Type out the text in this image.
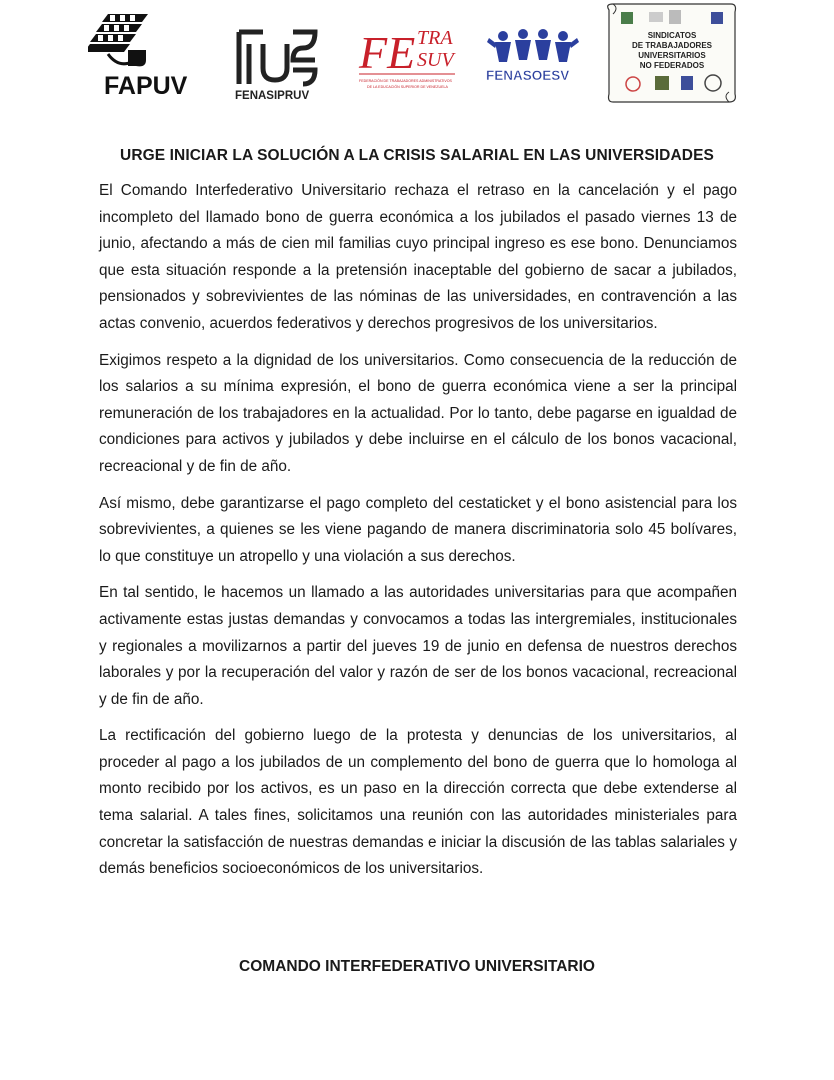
FAPUV	FENASIPRUV
FE TRA
SUV
FEDERACIÓN DE TRABAJADORES ADMINISTRATIVOS
DE LA EDUCACIÓN SUPERIOR DE VENEZUELA
FENASOESV
SINDICATOS
DE TRABAJADORES
UNIVERSITARIOS
NO FEDERADOS
URGE INICIAR LA SOLUCIÓN A LA CRISIS SALARIAL EN LAS UNIVERSIDADES

El Comando Interfederativo Universitario rechaza el retraso en la cancelación y el pago incompleto del llamado bono de guerra económica a los jubilados el pasado viernes 13 de junio, afectando a más de cien mil familias cuyo principal ingreso es ese bono. Denunciamos que esta situación responde a la pretensión inaceptable del gobierno de sacar a jubilados, pensionados y sobrevivientes de las nóminas de las universidades, en contravención a las actas convenio, acuerdos federativos y derechos progresivos de los universitarios.

Exigimos respeto a la dignidad de los universitarios. Como consecuencia de la reducción de los salarios a su mínima expresión, el bono de guerra económica viene a ser la principal remuneración de los trabajadores en la actualidad. Por lo tanto, debe pagarse en igualdad de condiciones para activos y jubilados y debe incluirse en el cálculo de los bonos vacacional, recreacional y de fin de año.

Así mismo, debe garantizarse el pago completo del cestaticket y el bono asistencial para los sobrevivientes, a quienes se les viene pagando de manera discriminatoria solo 45 bolívares, lo que constituye un atropello y una violación a sus derechos.

En tal sentido, le hacemos un llamado a las autoridades universitarias para que acompañen activamente estas justas demandas y convocamos a todas las intergremiales, institucionales y regionales a movilizarnos a partir del jueves 19 de junio en defensa de nuestros derechos laborales y por la recuperación del valor y razón de ser de los bonos vacacional, recreacional y de fin de año.

La rectificación del gobierno luego de la protesta y denuncias de los universitarios, al proceder al pago a los jubilados de un complemento del bono de guerra que lo homologa al monto recibido por los activos, es un paso en la dirección correcta que debe extenderse al tema salarial. A tales fines, solicitamos una reunión con las autoridades ministeriales para concretar la satisfacción de nuestras demandas e iniciar la discusión de las tablas salariales y demás beneficios socioeconómicos de los universitarios.

COMANDO INTERFEDERATIVO UNIVERSITARIO
